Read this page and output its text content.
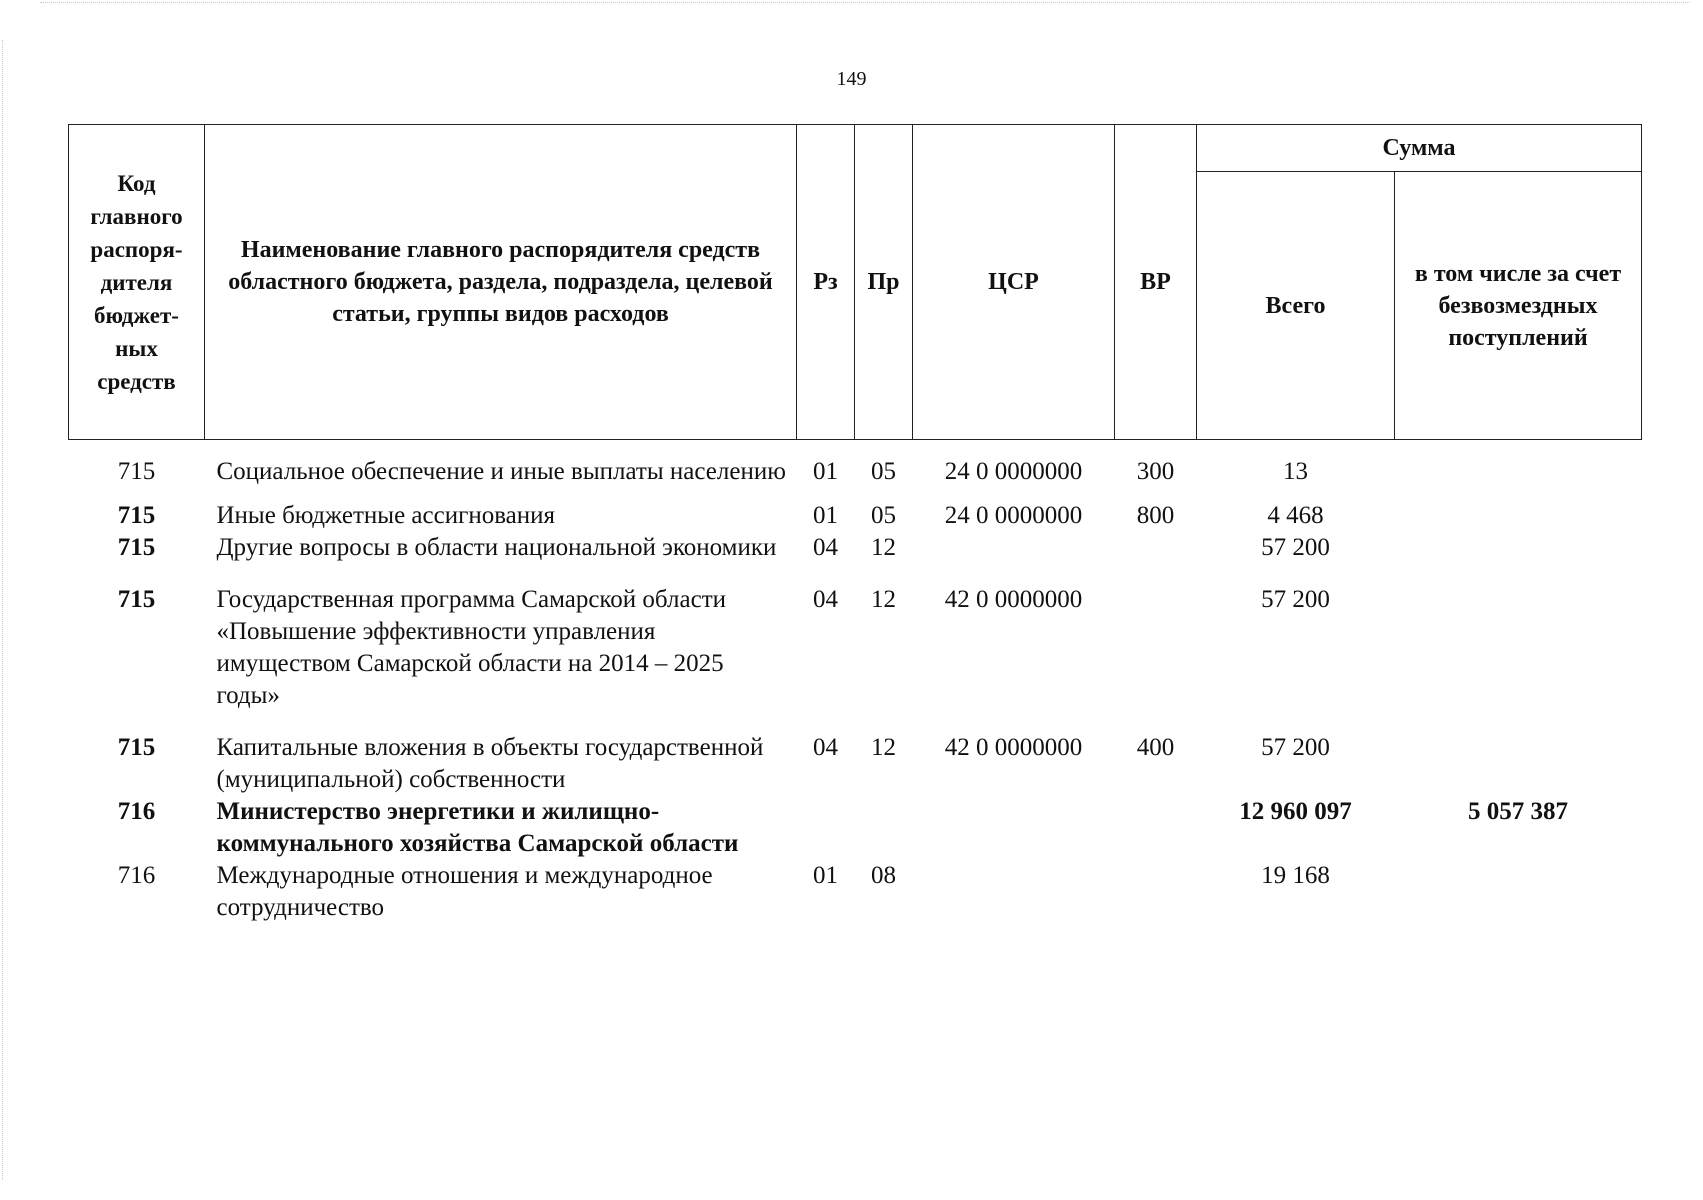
149
Код главного распоря-дителя бюджет-ных средств	Наименование главного распорядителя средств областного бюджета, раздела, подраздела, целевой статьи, группы видов расходов	Рз	Пр	ЦСР	ВР	Сумма	
						Всего	в том числе за счет безвозмездных поступлений
715	Социальное обеспечение и иные выплаты населению	01	05	24 0 0000000	300	13	
715	Иные бюджетные ассигнования	01	05	24 0 0000000	800	4 468	
715	Другие вопросы в области национальной экономики	04	12			57 200	
715	Государственная программа Самарской области «Повышение эффективности управления имуществом Самарской области на 2014 – 2025 годы»	04	12	42 0 0000000		57 200	
715	Капитальные вложения в объекты государственной (муниципальной) собственности	04	12	42 0 0000000	400	57 200	
716	Министерство энергетики и жилищно-коммунального хозяйства Самарской области					12 960 097	5 057 387
716	Международные отношения и международное сотрудничество	01	08			19 168	
